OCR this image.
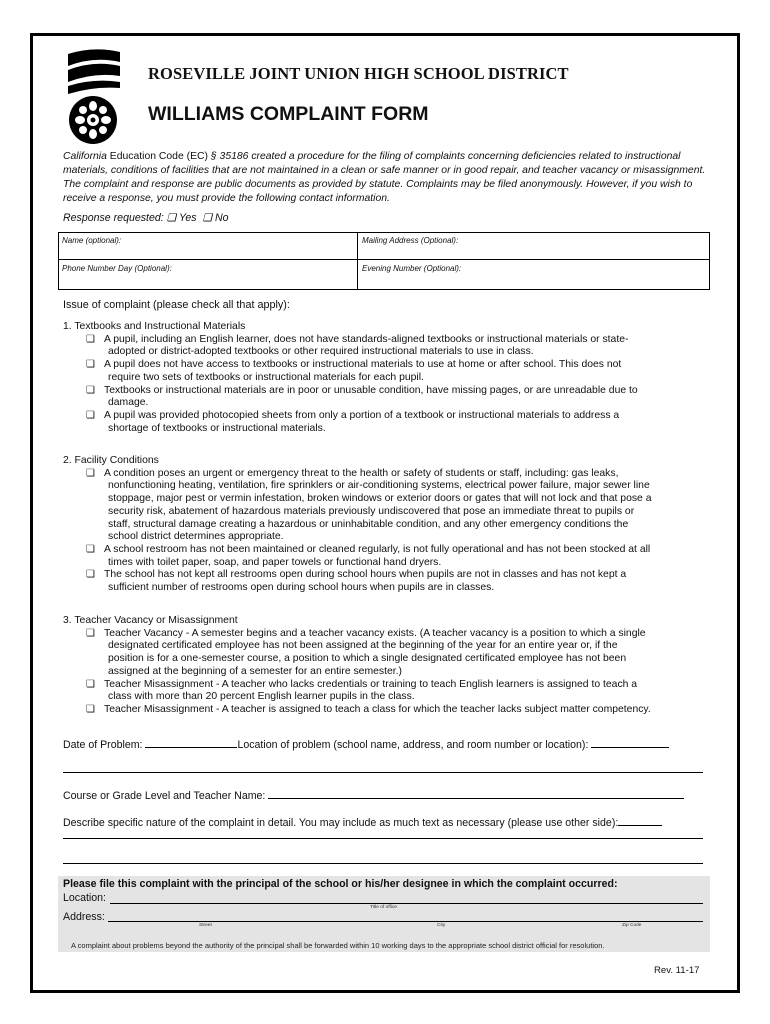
ROSEVILLE JOINT UNION HIGH SCHOOL DISTRICT
WILLIAMS COMPLAINT FORM
California Education Code (EC) § 35186 created a procedure for the filing of complaints concerning deficiencies related to instructional materials, conditions of facilities that are not maintained in a clean or safe manner or in good repair, and teacher vacancy or misassignment. The complaint and response are public documents as provided by statute. Complaints may be filed anonymously. However, if you wish to receive a response, you must provide the following contact information.
Response requested: ❏ Yes ❏ No
Name (optional):	Mailing Address (Optional):
Phone Number Day (Optional):	Evening Number (Optional):
Issue of complaint (please check all that apply):
1. Textbooks and Instructional Materials
❏ A pupil, including an English learner, does not have standards-aligned textbooks or instructional materials or state-
adopted or district-adopted textbooks or other required instructional materials to use in class.
❏ A pupil does not have access to textbooks or instructional materials to use at home or after school. This does not
require two sets of textbooks or instructional materials for each pupil.
❏ Textbooks or instructional materials are in poor or unusable condition, have missing pages, or are unreadable due to
damage.
❏ A pupil was provided photocopied sheets from only a portion of a textbook or instructional materials to address a
shortage of textbooks or instructional materials.
2. Facility Conditions
❏ A condition poses an urgent or emergency threat to the health or safety of students or staff, including: gas leaks,
nonfunctioning heating, ventilation, fire sprinklers or air-conditioning systems, electrical power failure, major sewer line
stoppage, major pest or vermin infestation, broken windows or exterior doors or gates that will not lock and that pose a
security risk, abatement of hazardous materials previously undiscovered that pose an immediate threat to pupils or
staff, structural damage creating a hazardous or uninhabitable condition, and any other emergency conditions the
school district determines appropriate.
❏ A school restroom has not been maintained or cleaned regularly, is not fully operational and has not been stocked at all
times with toilet paper, soap, and paper towels or functional hand dryers.
❏ The school has not kept all restrooms open during school hours when pupils are not in classes and has not kept a
sufficient number of restrooms open during school hours when pupils are in classes.
3. Teacher Vacancy or Misassignment
❏ Teacher Vacancy - A semester begins and a teacher vacancy exists. (A teacher vacancy is a position to which a single
designated certificated employee has not been assigned at the beginning of the year for an entire year or, if the
position is for a one-semester course, a position to which a single designated certificated employee has not been
assigned at the beginning of a semester for an entire semester.)
❏ Teacher Misassignment - A teacher who lacks credentials or training to teach English learners is assigned to teach a
class with more than 20 percent English learner pupils in the class.
❏ Teacher Misassignment - A teacher is assigned to teach a class for which the teacher lacks subject matter competency.
Date of Problem:	Location of problem (school name, address, and room number or location):
Course or Grade Level and Teacher Name:
Describe specific nature of the complaint in detail. You may include as much text as necessary (please use other side):
Please file this complaint with the principal of the school or his/her designee in which the complaint occurred:
Location:
Title of office
Address:
Street	City	Zip Code
A complaint about problems beyond the authority of the principal shall be forwarded within 10 working days to the appropriate school district official for resolution.
Rev. 11-17
